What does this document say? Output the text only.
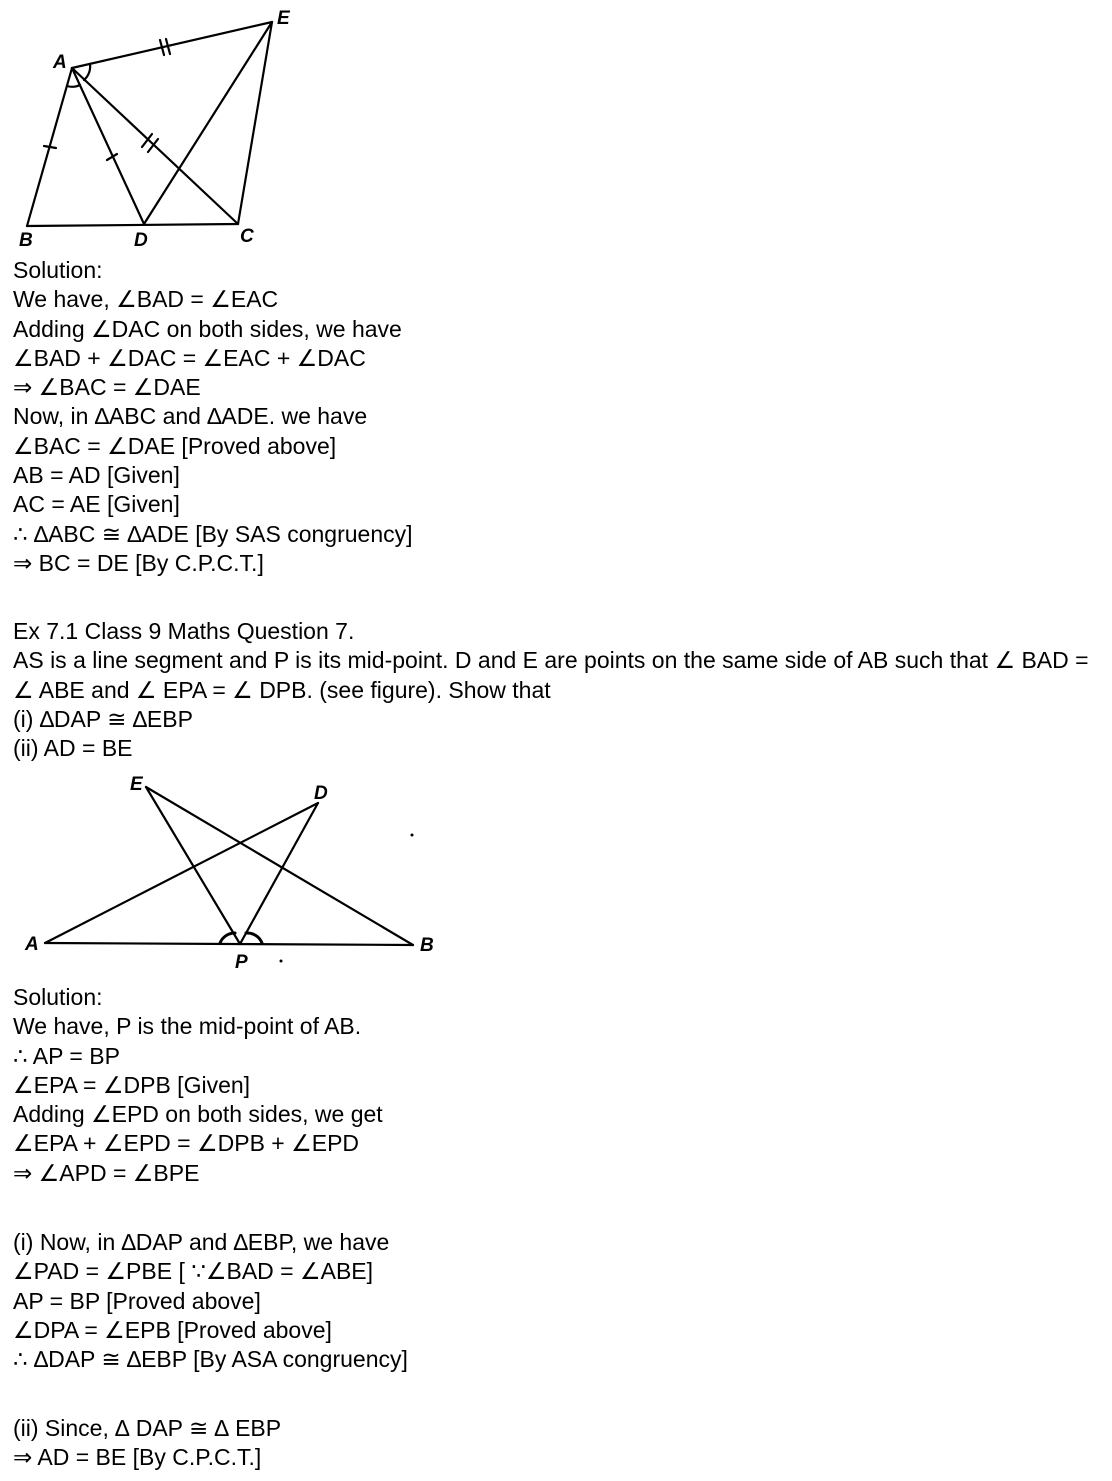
A
E
B	D	C
Solution:
We have, ∠BAD = ∠EAC
Adding ∠DAC on both sides, we have
∠BAD + ∠DAC = ∠EAC + ∠DAC
⇒ ∠BAC = ∠DAE
Now, in ∆ABC and ∆ADE. we have
∠BAC = ∠DAE [Proved above]
AB = AD [Given]
AC = AE [Given]
∴ ∆ABC ≅ ∆ADE [By SAS congruency]
⇒ BC = DE [By C.P.C.T.]
Ex 7.1 Class 9 Maths Question 7.
AS is a line segment and P is its mid-point. D and E are points on the same side of AB such that ∠ BAD = ∠ ABE and ∠ EPA = ∠ DPB. (see figure). Show that
(i) ∆DAP ≅ ∆EBP
(ii) AD = BE
E	D
A
P
B
Solution:
We have, P is the mid-point of AB.
∴ AP = BP
∠EPA = ∠DPB [Given]
Adding ∠EPD on both sides, we get
∠EPA + ∠EPD = ∠DPB + ∠EPD
⇒ ∠APD = ∠BPE
(i) Now, in ∆DAP and ∆EBP, we have
∠PAD = ∠PBE [ ∵∠BAD = ∠ABE]
AP = BP [Proved above]
∠DPA = ∠EPB [Proved above]
∴ ∆DAP ≅ ∆EBP [By ASA congruency]
(ii) Since, ∆ DAP ≅ ∆ EBP
⇒ AD = BE [By C.P.C.T.]
